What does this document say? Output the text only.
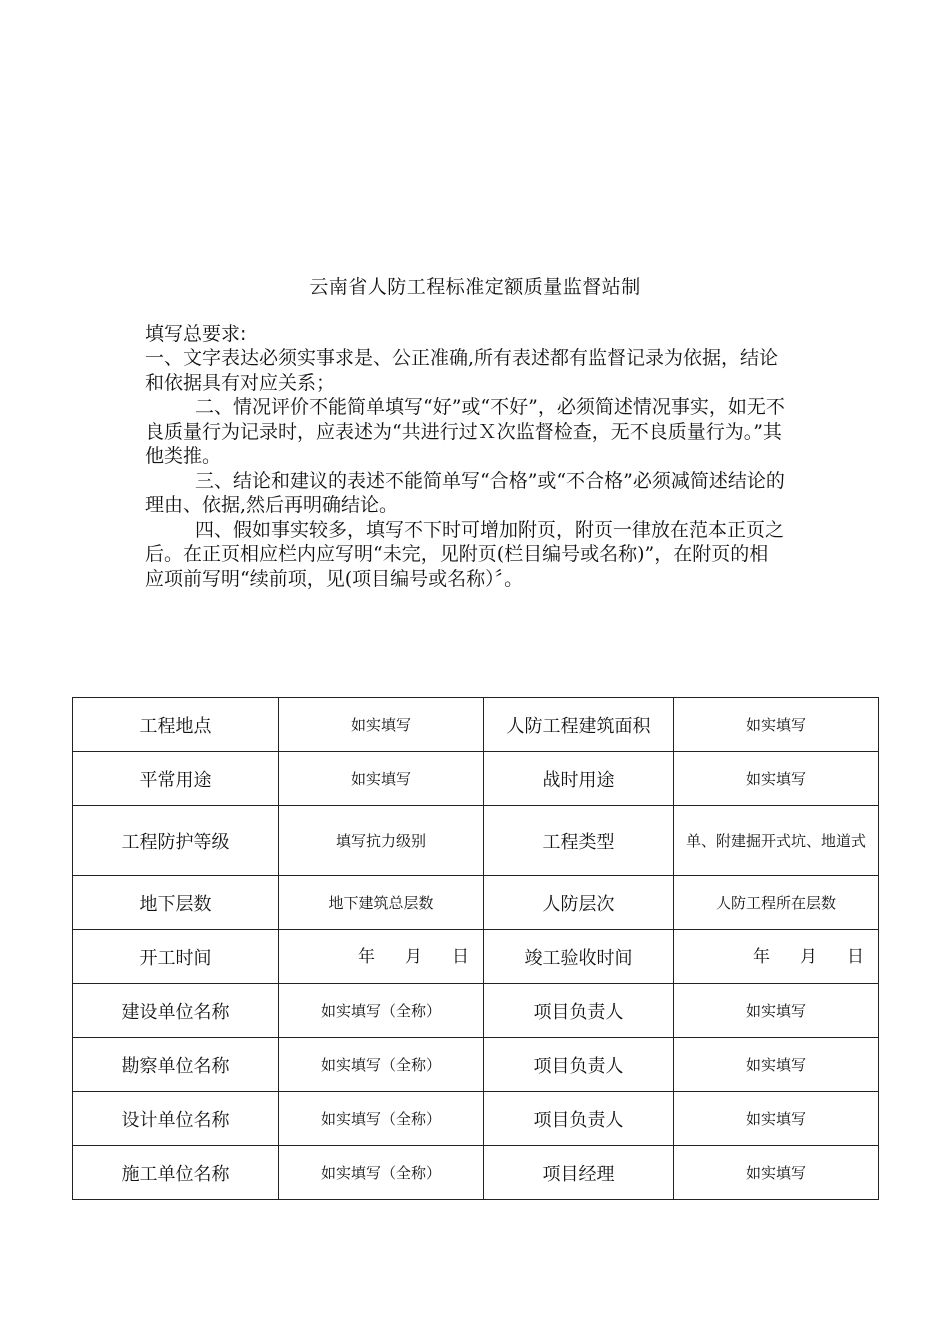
云南省人防工程标准定额质量监督站制

填写总要求:

一、文字表达必须实事求是、公正准确,所有表述都有监督记录为依据，结论和依据具有对应关系；

二、情况评价不能简单填写“好”或“不好”，必须简述情况事实，如无不良质量行为记录时，应表述为“共进行过Ｘ次监督检查，无不良质量行为。”其他类推。

三、结论和建议的表述不能简单写“合格”或“不合格”必须减简述结论的理由、依据,然后再明确结论。

四、假如事实较多，填写不下时可增加附页，附页一律放在范本正页之后。在正页相应栏内应写明“未完，见附页(栏目编号或名称)”，在附页的相应项前写明“续前项，见(项目编号或名称）〞。

工程地点	如实填写	人防工程建筑面积	如实填写
平常用途	如实填写	战时用途	如实填写
工程防护等级	填写抗力级别	工程类型	单、附建掘开式坑、地道式
地下层数	地下建筑总层数	人防层次	人防工程所在层数
开工时间	年 月 日	竣工验收时间	年 月 日

建设单位名称	如实填写（全称）	项目负责人	如实填写
勘察单位名称	如实填写（全称）	项目负责人	如实填写
设计单位名称	如实填写（全称）	项目负责人	如实填写
施工单位名称	如实填写（全称）	项目经理	如实填写
